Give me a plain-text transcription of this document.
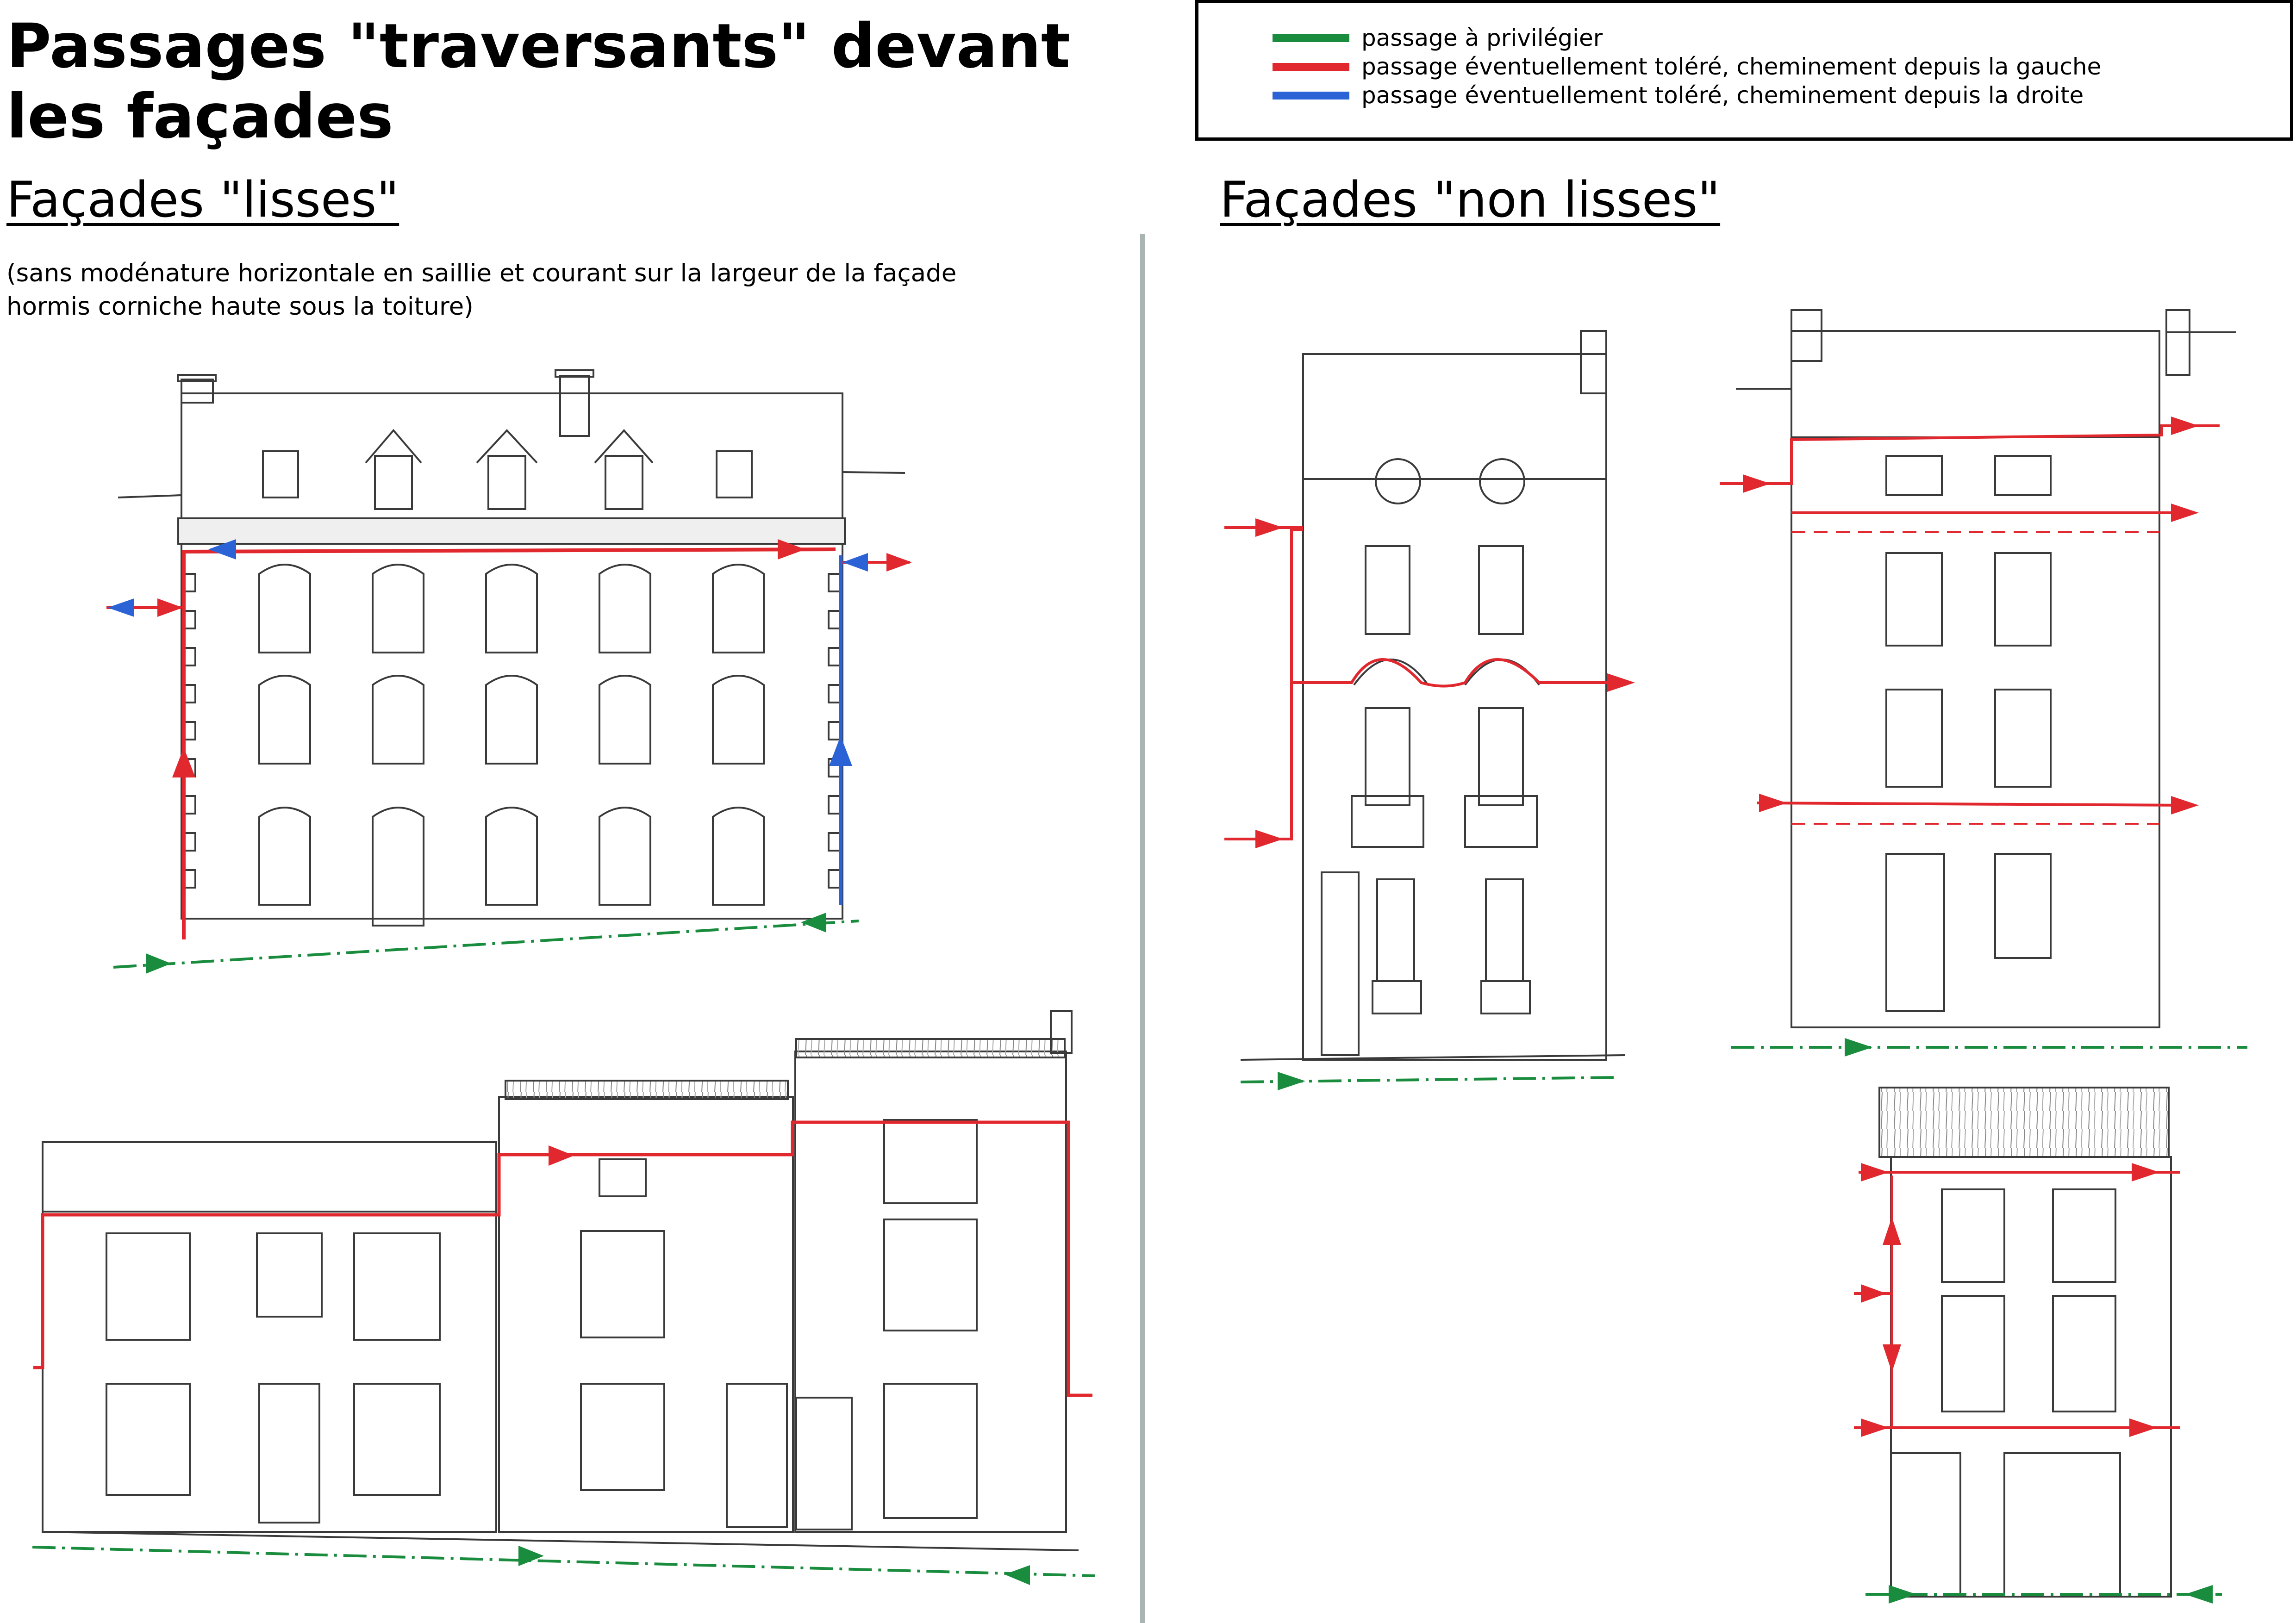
Passages "traversants" devant les façades
passage à privilégier
passage éventuellement toléré, cheminement depuis la gauche
passage éventuellement toléré, cheminement depuis la droite
Façades "lisses"
(sans modénature horizontale en saillie et courant sur la largeur de la façade hormis corniche haute sous la toiture)
Façades "non lisses"
